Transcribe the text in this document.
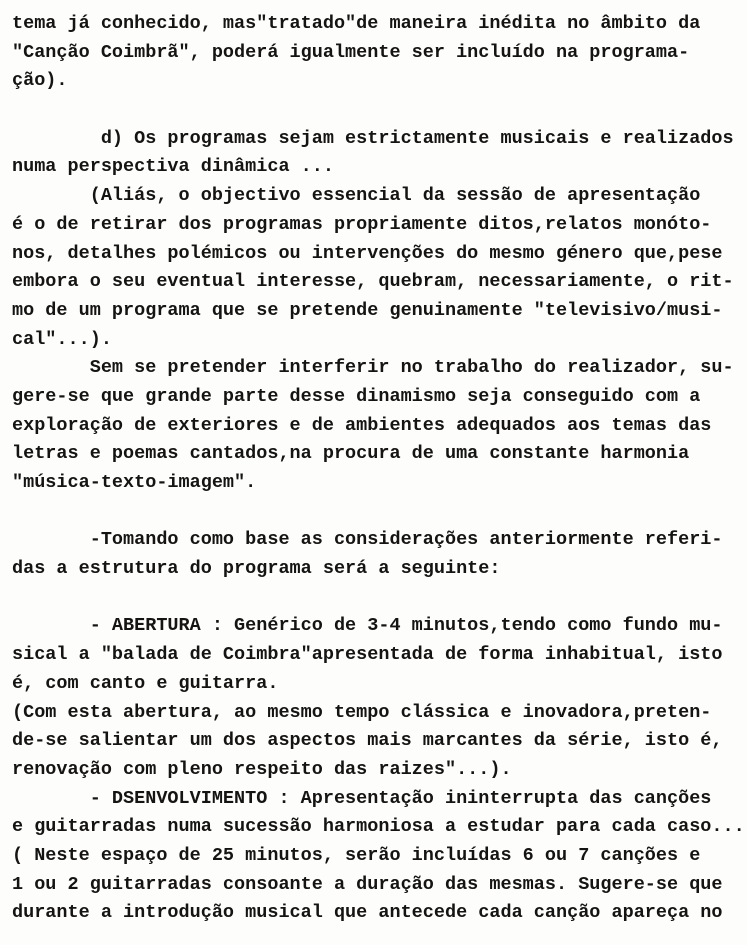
tema já conhecido, mas"tratado"de maneira inédita no âmbito da
"Canção Coimbrã", poderá igualmente ser incluído na programa-
ção).
d) Os programas sejam estrictamente musicais e realizados
numa perspectiva dinâmica ...
(Aliás, o objectivo essencial da sessão de apresentação
é o de retirar dos programas propriamente ditos,relatos monóto-
nos, detalhes polémicos ou intervenções do mesmo género que,pese
embora o seu eventual interesse, quebram, necessariamente, o rit-
mo de um programa que se pretende genuinamente "televisivo/musi-
cal"...).
Sem se pretender interferir no trabalho do realizador, su-
gere-se que grande parte desse dinamismo seja conseguido com a
exploração de exteriores e de ambientes adequados aos temas das
letras e poemas cantados,na procura de uma constante harmonia
"música-texto-imagem".
-Tomando como base as considerações anteriormente referi-
das a estrutura do programa será a seguinte:
- ABERTURA : Genérico de 3-4 minutos,tendo como fundo mu-
sical a "balada de Coimbra"apresentada de forma inhabitual, isto
é, com canto e guitarra.
(Com esta abertura, ao mesmo tempo clássica e inovadora,preten-
de-se salientar um dos aspectos mais marcantes da série, isto é,
renovação com pleno respeito das raizes"...).
- DSENVOLVIMENTO : Apresentação ininterrupta das canções
e guitarradas numa sucessão harmoniosa a estudar para cada caso...
( Neste espaço de 25 minutos, serão incluídas 6 ou 7 canções e
1 ou 2 guitarradas consoante a duração das mesmas. Sugere-se que
durante a introdução musical que antecede cada canção apareça no
